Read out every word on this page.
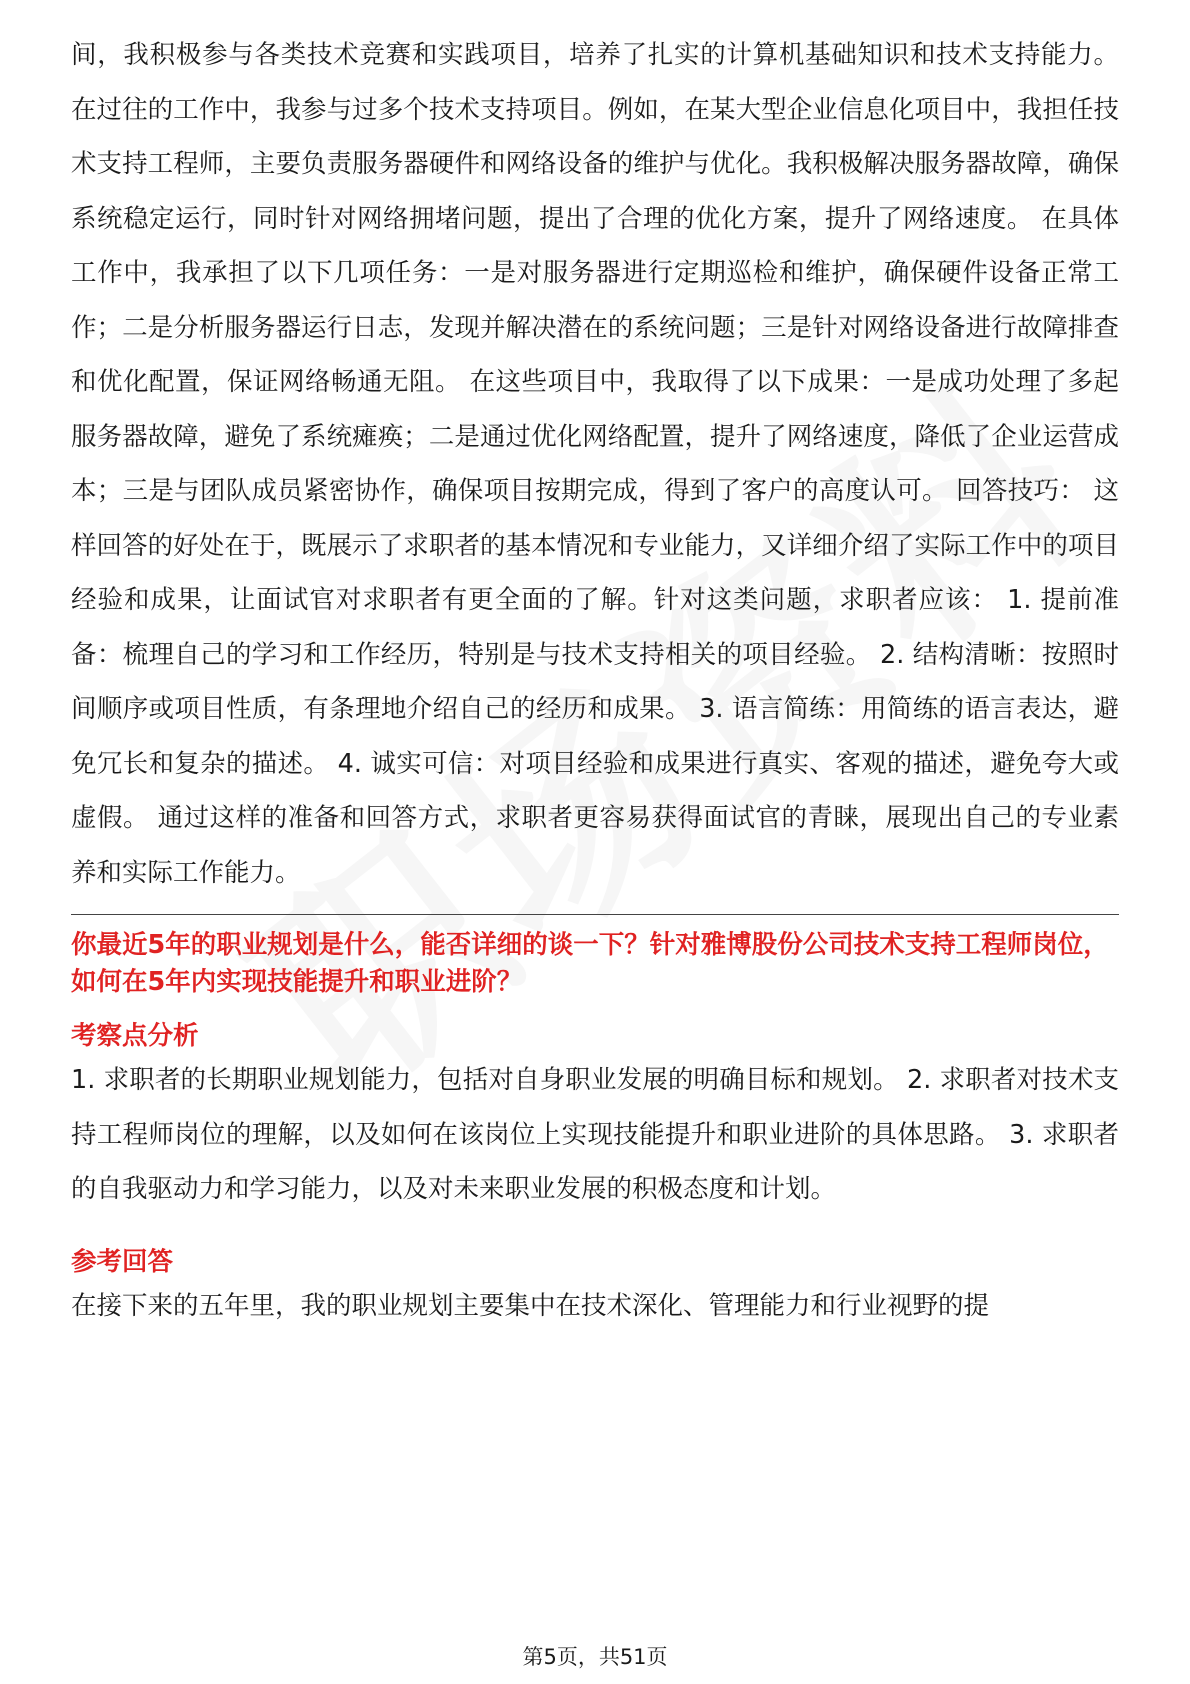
间，我积极参与各类技术竞赛和实践项目，培养了扎实的计算机基础知识和技术支持能力。 在过往的工作中，我参与过多个技术支持项目。例如，在某大型企业信息化项目中，我担任技术支持工程师，主要负责服务器硬件和网络设备的维护与优化。我积极解决服务器故障，确保系统稳定运行，同时针对网络拥堵问题，提出了合理的优化方案，提升了网络速度。 在具体工作中，我承担了以下几项任务：一是对服务器进行定期巡检和维护，确保硬件设备正常工作；二是分析服务器运行日志，发现并解决潜在的系统问题；三是针对网络设备进行故障排查和优化配置，保证网络畅通无阻。 在这些项目中，我取得了以下成果：一是成功处理了多起服务器故障，避免了系统瘫痪；二是通过优化网络配置，提升了网络速度，降低了企业运营成本；三是与团队成员紧密协作，确保项目按期完成，得到了客户的高度认可。 回答技巧： 这样回答的好处在于，既展示了求职者的基本情况和专业能力，又详细介绍了实际工作中的项目经验和成果，让面试官对求职者有更全面的了解。针对这类问题，求职者应该： 1. 提前准备：梳理自己的学习和工作经历，特别是与技术支持相关的项目经验。 2. 结构清晰：按照时间顺序或项目性质，有条理地介绍自己的经历和成果。 3. 语言简练：用简练的语言表达，避免冗长和复杂的描述。 4. 诚实可信：对项目经验和成果进行真实、客观的描述，避免夸大或虚假。 通过这样的准备和回答方式，求职者更容易获得面试官的青睐，展现出自己的专业素养和实际工作能力。

你最近5年的职业规划是什么，能否详细的谈一下？针对雅博股份公司技术支持工程师岗位，如何在5年内实现技能提升和职业进阶？

考察点分析

1. 求职者的长期职业规划能力，包括对自身职业发展的明确目标和规划。 2. 求职者对技术支持工程师岗位的理解，以及如何在该岗位上实现技能提升和职业进阶的具体思路。 3. 求职者的自我驱动力和学习能力，以及对未来职业发展的积极态度和计划。

参考回答

在接下来的五年里，我的职业规划主要集中在技术深化、管理能力和行业视野的提

第5页，共51页
